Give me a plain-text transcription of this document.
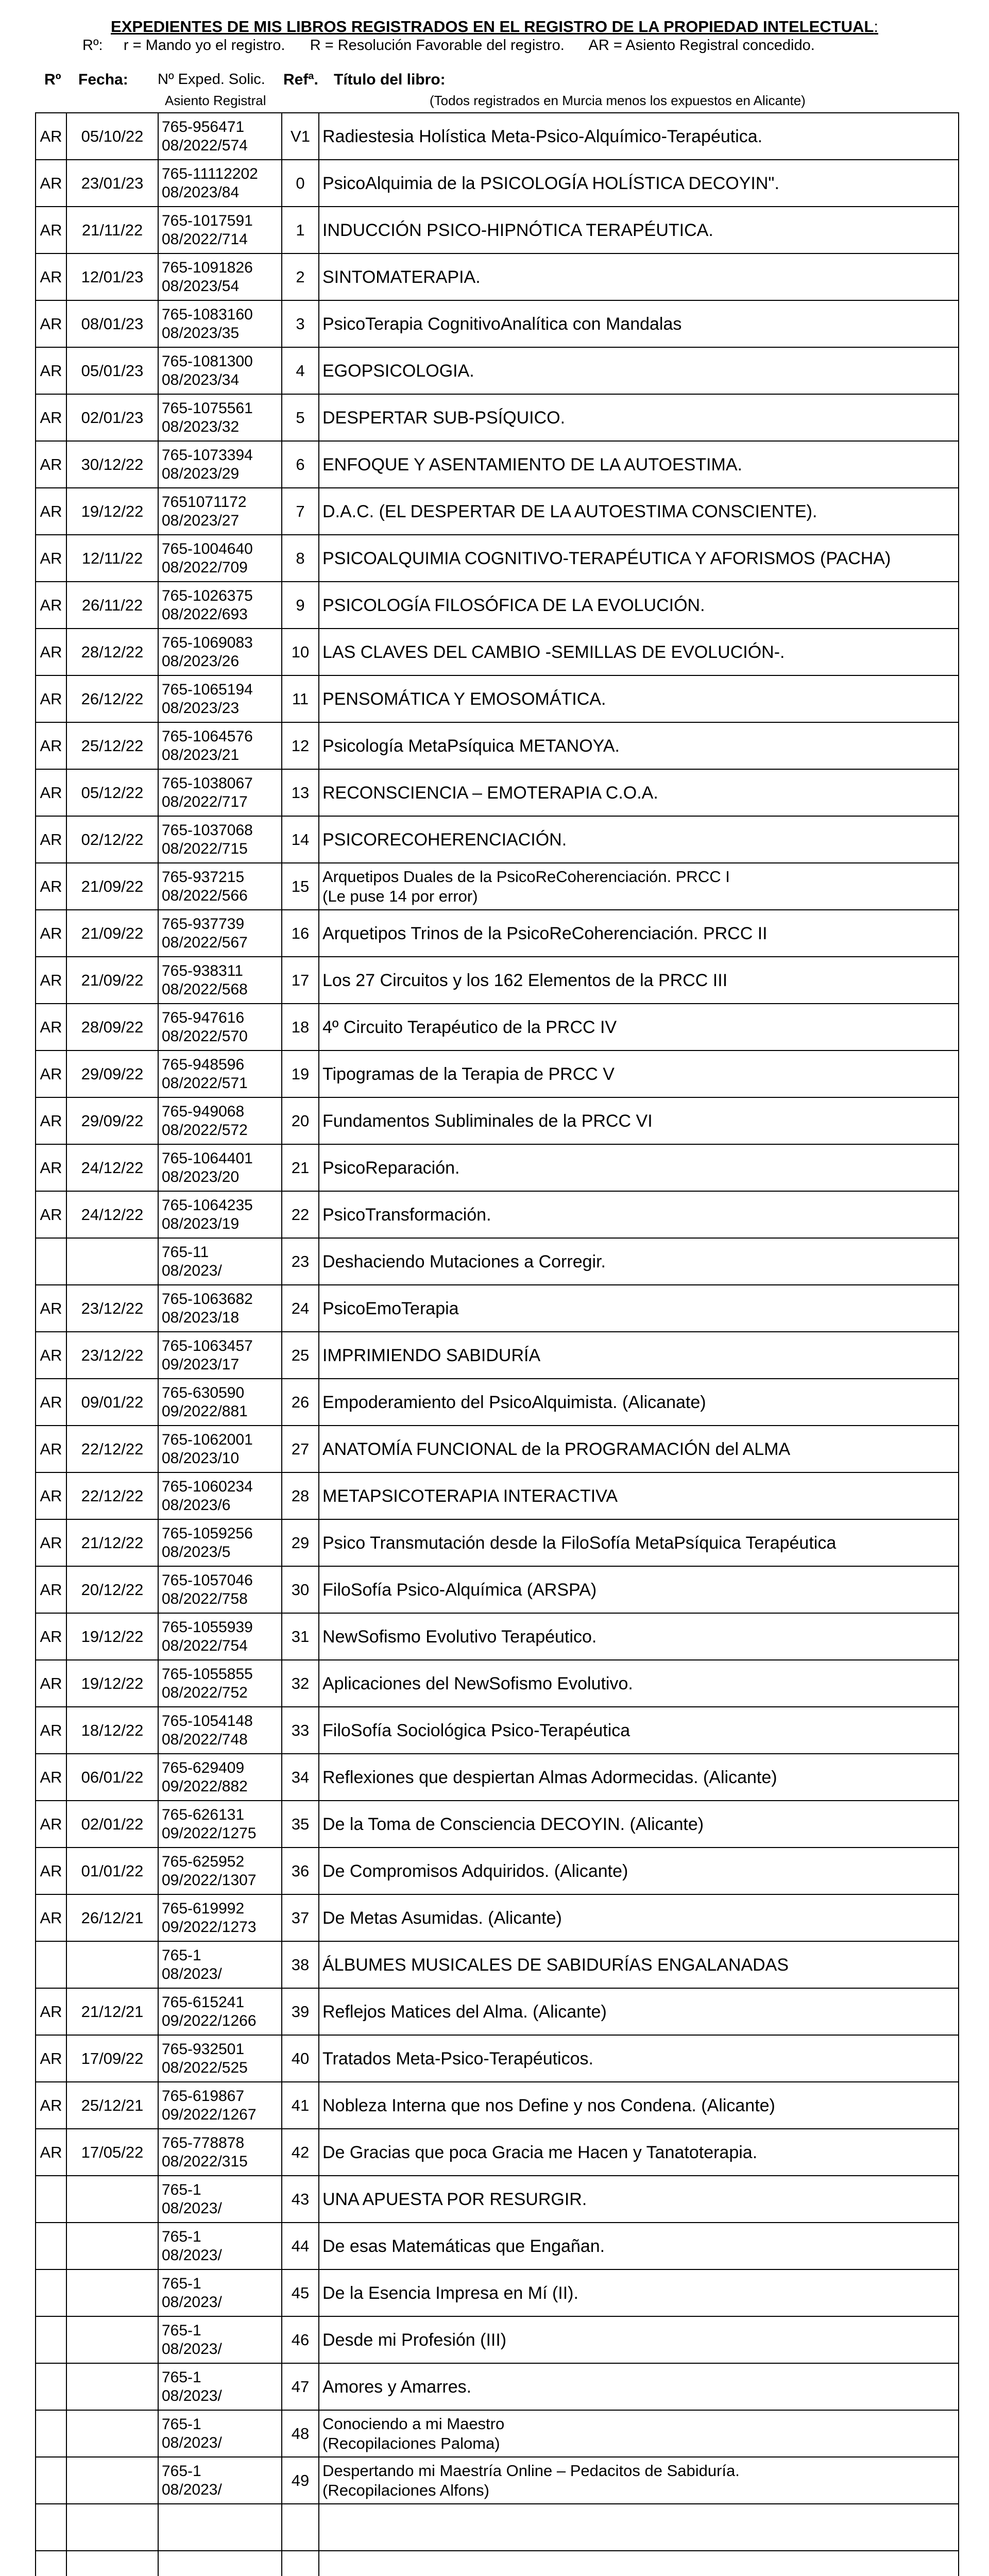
EXPEDIENTES DE MIS LIBROS REGISTRADOS EN EL REGISTRO DE LA PROPIEDAD INTELECTUAL:
Rº:     r = Mando yo el registro.      R = Resolución Favorable del registro.      AR = Asiento Registral concedido.
Rº Fecha: Nº Exped. Solic. Refª. Título del libro:
Asiento Registral	(Todos registrados en Murcia menos los expuestos en Alicante)
AR	05/10/22	765-956471
08/2022/574	V1	Radiestesia Holística Meta-Psico-Alquímico-Terapéutica.

AR	23/01/23	765-11112202
08/2023/84	0	PsicoAlquimia de la PSICOLOGÍA HOLÍSTICA DECOYIN".

AR	21/11/22	765-1017591
08/2022/714	1	INDUCCIÓN PSICO-HIPNÓTICA TERAPÉUTICA.

AR	12/01/23	765-1091826
08/2023/54	2	SINTOMATERAPIA.

AR	08/01/23	765-1083160
08/2023/35	3	PsicoTerapia CognitivoAnalítica con Mandalas

AR	05/01/23	765-1081300
08/2023/34	4	EGOPSICOLOGIA.

AR	02/01/23	765-1075561
08/2023/32	5	DESPERTAR SUB-PSÍQUICO.

AR	30/12/22	765-1073394
08/2023/29	6	ENFOQUE Y ASENTAMIENTO DE LA AUTOESTIMA.

AR	19/12/22	7651071172
08/2023/27	7	D.A.C. (EL DESPERTAR DE LA AUTOESTIMA CONSCIENTE).

AR	12/11/22	765-1004640
08/2022/709	8	PSICOALQUIMIA COGNITIVO-TERAPÉUTICA Y AFORISMOS (PACHA)

AR	26/11/22	765-1026375
08/2022/693	9	PSICOLOGÍA FILOSÓFICA DE LA EVOLUCIÓN.

AR	28/12/22	765-1069083
08/2023/26	10	LAS CLAVES DEL CAMBIO -SEMILLAS DE EVOLUCIÓN-.

AR	26/12/22	765-1065194
08/2023/23	11	PENSOMÁTICA Y EMOSOMÁTICA.

AR	25/12/22	765-1064576
08/2023/21	12	Psicología MetaPsíquica METANOYA.

AR	05/12/22	765-1038067
08/2022/717	13	RECONSCIENCIA – EMOTERAPIA C.O.A.

AR	02/12/22	765-1037068
08/2022/715	14	PSICORECOHERENCIACIÓN.

AR	21/09/22	765-937215
08/2022/566	15	Arquetipos Duales de la PsicoReCoherenciación. PRCC I
(Le puse 14 por error)

AR	21/09/22	765-937739
08/2022/567	16	Arquetipos Trinos de la PsicoReCoherenciación. PRCC II

AR	21/09/22	765-938311
08/2022/568	17	Los 27 Circuitos y los 162 Elementos de la PRCC III

AR	28/09/22	765-947616
08/2022/570	18	4º Circuito Terapéutico de la PRCC IV

AR	29/09/22	765-948596
08/2022/571	19	Tipogramas de la Terapia de PRCC V

AR	29/09/22	765-949068
08/2022/572	20	Fundamentos Subliminales de la PRCC VI

AR	24/12/22	765-1064401
08/2023/20	21	PsicoReparación.

AR	24/12/22	765-1064235
08/2023/19	22	PsicoTransformación.

		765-11
08/2023/	23	Deshaciendo Mutaciones a Corregir.

AR	23/12/22	765-1063682
08/2023/18	24	PsicoEmoTerapia

AR	23/12/22	765-1063457
09/2023/17	25	IMPRIMIENDO SABIDURÍA

AR	09/01/22	765-630590
09/2022/881	26	Empoderamiento del PsicoAlquimista. (Alicanate)

AR	22/12/22	765-1062001
08/2023/10	27	ANATOMÍA FUNCIONAL de la PROGRAMACIÓN del ALMA

AR	22/12/22	765-1060234
08/2023/6	28	METAPSICOTERAPIA INTERACTIVA

AR	21/12/22	765-1059256
08/2023/5	29	Psico Transmutación desde la FiloSofía MetaPsíquica Terapéutica

AR	20/12/22	765-1057046
08/2022/758	30	FiloSofía Psico-Alquímica (ARSPA)

AR	19/12/22	765-1055939
08/2022/754	31	NewSofismo Evolutivo Terapéutico.

AR	19/12/22	765-1055855
08/2022/752	32	Aplicaciones del NewSofismo Evolutivo.

AR	18/12/22	765-1054148
08/2022/748	33	FiloSofía Sociológica Psico-Terapéutica

AR	06/01/22	765-629409
09/2022/882	34	Reflexiones que despiertan Almas Adormecidas. (Alicante)

AR	02/01/22	765-626131
09/2022/1275	35	De la Toma de Consciencia DECOYIN. (Alicante)

AR	01/01/22	765-625952
09/2022/1307	36	De Compromisos Adquiridos. (Alicante)

AR	26/12/21	765-619992
09/2022/1273	37	De Metas Asumidas. (Alicante)

		765-1
08/2023/	38	ÁLBUMES MUSICALES DE SABIDURÍAS ENGALANADAS

AR	21/12/21	765-615241
09/2022/1266	39	Reflejos Matices del Alma. (Alicante)

AR	17/09/22	765-932501
08/2022/525	40	Tratados Meta-Psico-Terapéuticos.

AR	25/12/21	765-619867
09/2022/1267	41	Nobleza Interna que nos Define y nos Condena. (Alicante)

AR	17/05/22	765-778878
08/2022/315	42	De Gracias que poca Gracia me Hacen y Tanatoterapia.

		765-1
08/2023/	43	UNA APUESTA POR RESURGIR.

		765-1
08/2023/	44	De esas Matemáticas que Engañan.

		765-1
08/2023/	45	De la Esencia Impresa en Mí (II).

		765-1
08/2023/	46	Desde mi Profesión (III)

		765-1
08/2023/	47	Amores y Amarres.

		765-1
08/2023/	48	Conociendo a mi Maestro
(Recopilaciones Paloma)

		765-1
08/2023/	49	Despertando mi Maestría Online – Pedacitos de Sabiduría.
(Recopilaciones Alfons)
